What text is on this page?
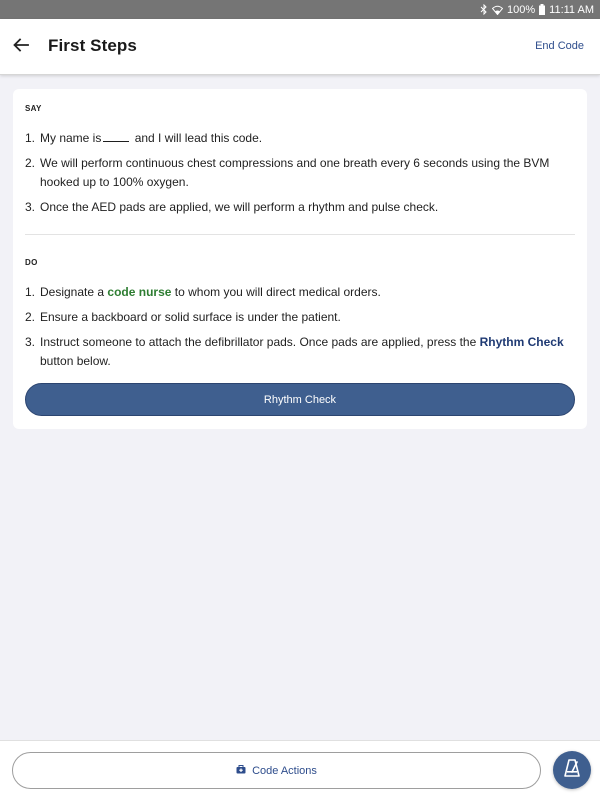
100% 11:11 AM
First Steps	End Code
SAY
1. My name is	and I will lead this code.
2. We will perform continuous chest compressions and one breath every 6 seconds using the BVM hooked up to 100% oxygen.
3. Once the AED pads are applied, we will perform a rhythm and pulse check.
DO
1. Designate a code nurse to whom you will direct medical orders.
2. Ensure a backboard or solid surface is under the patient.
3. Instruct someone to attach the defibrillator pads. Once pads are applied, press the Rhythm Check button below.
Rhythm Check
Code Actions
